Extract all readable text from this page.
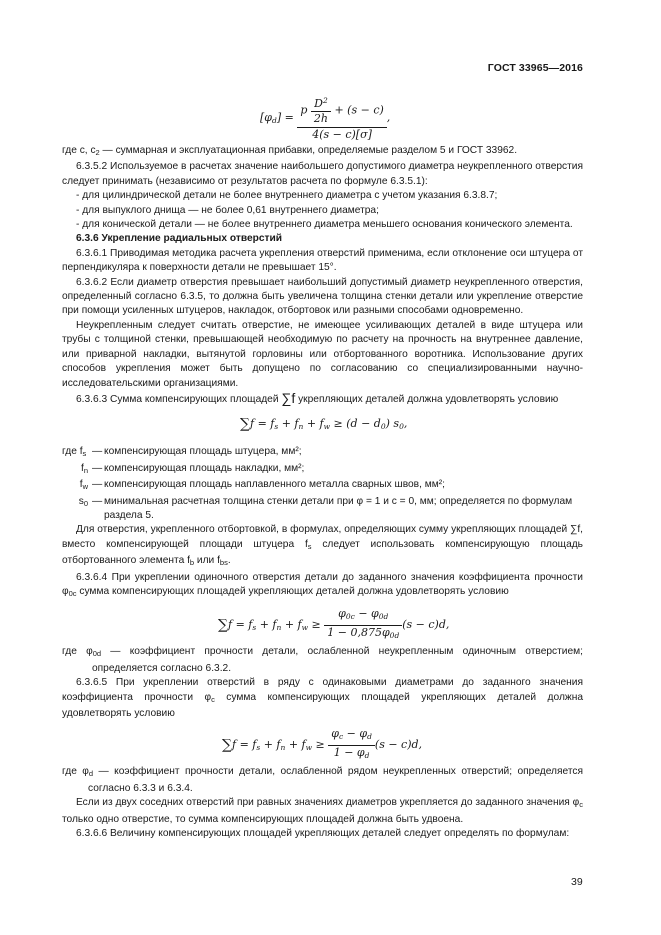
ГОСТ 33965—2016
$[\varphi_d]$ =
p $\frac{D^2}{2h} + (s - c)$
4(s − c)[σ]
,

где c, $c_2$ — суммарная и эксплуатационная прибавки, определяемые разделом 5 и ГОСТ 33962.

6.3.5.2 Используемое в расчетах значение наибольшего допустимого диаметра неукрепленного отверстия следует принимать (независимо от результатов расчета по формуле 6.3.5.1):

- для цилиндрической детали не более внутреннего диаметра с учетом указания 6.3.8.7;

- для выпуклого днища — не более 0,61 внутреннего диаметра;

- для конической детали — не более внутреннего диаметра меньшего основания конического элемента.

6.3.6 Укрепление радиальных отверстий

6.3.6.1 Приводимая методика расчета укрепления отверстий применима, если отклонение оси штуцера от перпендикуляра к поверхности детали не превышает 15°.

6.3.6.2 Если диаметр отверстия превышает наибольший допустимый диаметр неукрепленного отверстия, определенный согласно 6.3.5, то должна быть увеличена толщина стенки детали или укрепление отверстие при помощи усиленных штуцеров, накладок, отбортовок или разными способами одновременно.

Неукрепленным следует считать отверстие, не имеющее усиливающих деталей в виде штуцера или трубы с толщиной стенки, превышающей необходимую по расчету на прочность на внутреннее давление, или приварной накладки, вытянутой горловины или отбортованного воротника. Использование других способов укрепления может быть допущено по согласованию со специализированными научно-исследовательскими организациями.

6.3.6.3 Сумма компенсирующих площадей ∑f укрепляющих деталей должна удовлетворять условию

$\sum f = f_s + f_n + f_w \ge (d - d_0)$ $s_0$,
где $f_s$ — компенсирующая площадь штуцера, мм²;
$f_n$ — компенсирующая площадь накладки, мм²;
$f_w$ — компенсирующая площадь наплавленного металла сварных швов, мм²;
$s_0$ — минимальная расчетная толщина стенки детали при φ = 1 и c = 0, мм; определяется по формулам раздела 5.

Для отверстия, укрепленного отбортовкой, в формулах, определяющих сумму укрепляющих площадей ∑f, вместо компенсирующей площади штуцера $f_s$ следует использовать компенсирующую площадь отбортованного элемента $f_b$ или $f_{bs}$.

6.3.6.4 При укреплении одиночного отверстия детали до заданного значения коэффициента прочности $\varphi_{0c}$ сумма компенсирующих площадей укрепляющих деталей должна удовлетворять условию

$\sum f = f_s + f_n + f_w \ge \frac{\varphi_{0c} - \varphi_{0d}}{1 - 0,875\varphi_{0d}} (s - c)d$,

где $\varphi_{0d}$ — коэффициент прочности детали, ослабленной неукрепленным одиночным отверстием; определяется согласно 6.3.2.

6.3.6.5 При укреплении отверстий в ряду с одинаковыми диаметрами до заданного значения коэффициента прочности $\varphi_c$ сумма компенсирующих площадей укрепляющих деталей должна удовлетворять условию

$\sum f = f_s + f_n + f_w \ge \frac{\varphi_c - \varphi_d}{1 - \varphi_d} (s - c)d$,

где $\varphi_d$ — коэффициент прочности детали, ослабленной рядом неукрепленных отверстий; определяется согласно 6.3.3 и 6.3.4.

Если из двух соседних отверстий при равных значениях диаметров укрепляется до заданного значения $\varphi_c$ только одно отверстие, то сумма компенсирующих площадей должна быть удвоена.

6.3.6.6 Величину компенсирующих площадей укрепляющих деталей следует определять по формулам:

39
